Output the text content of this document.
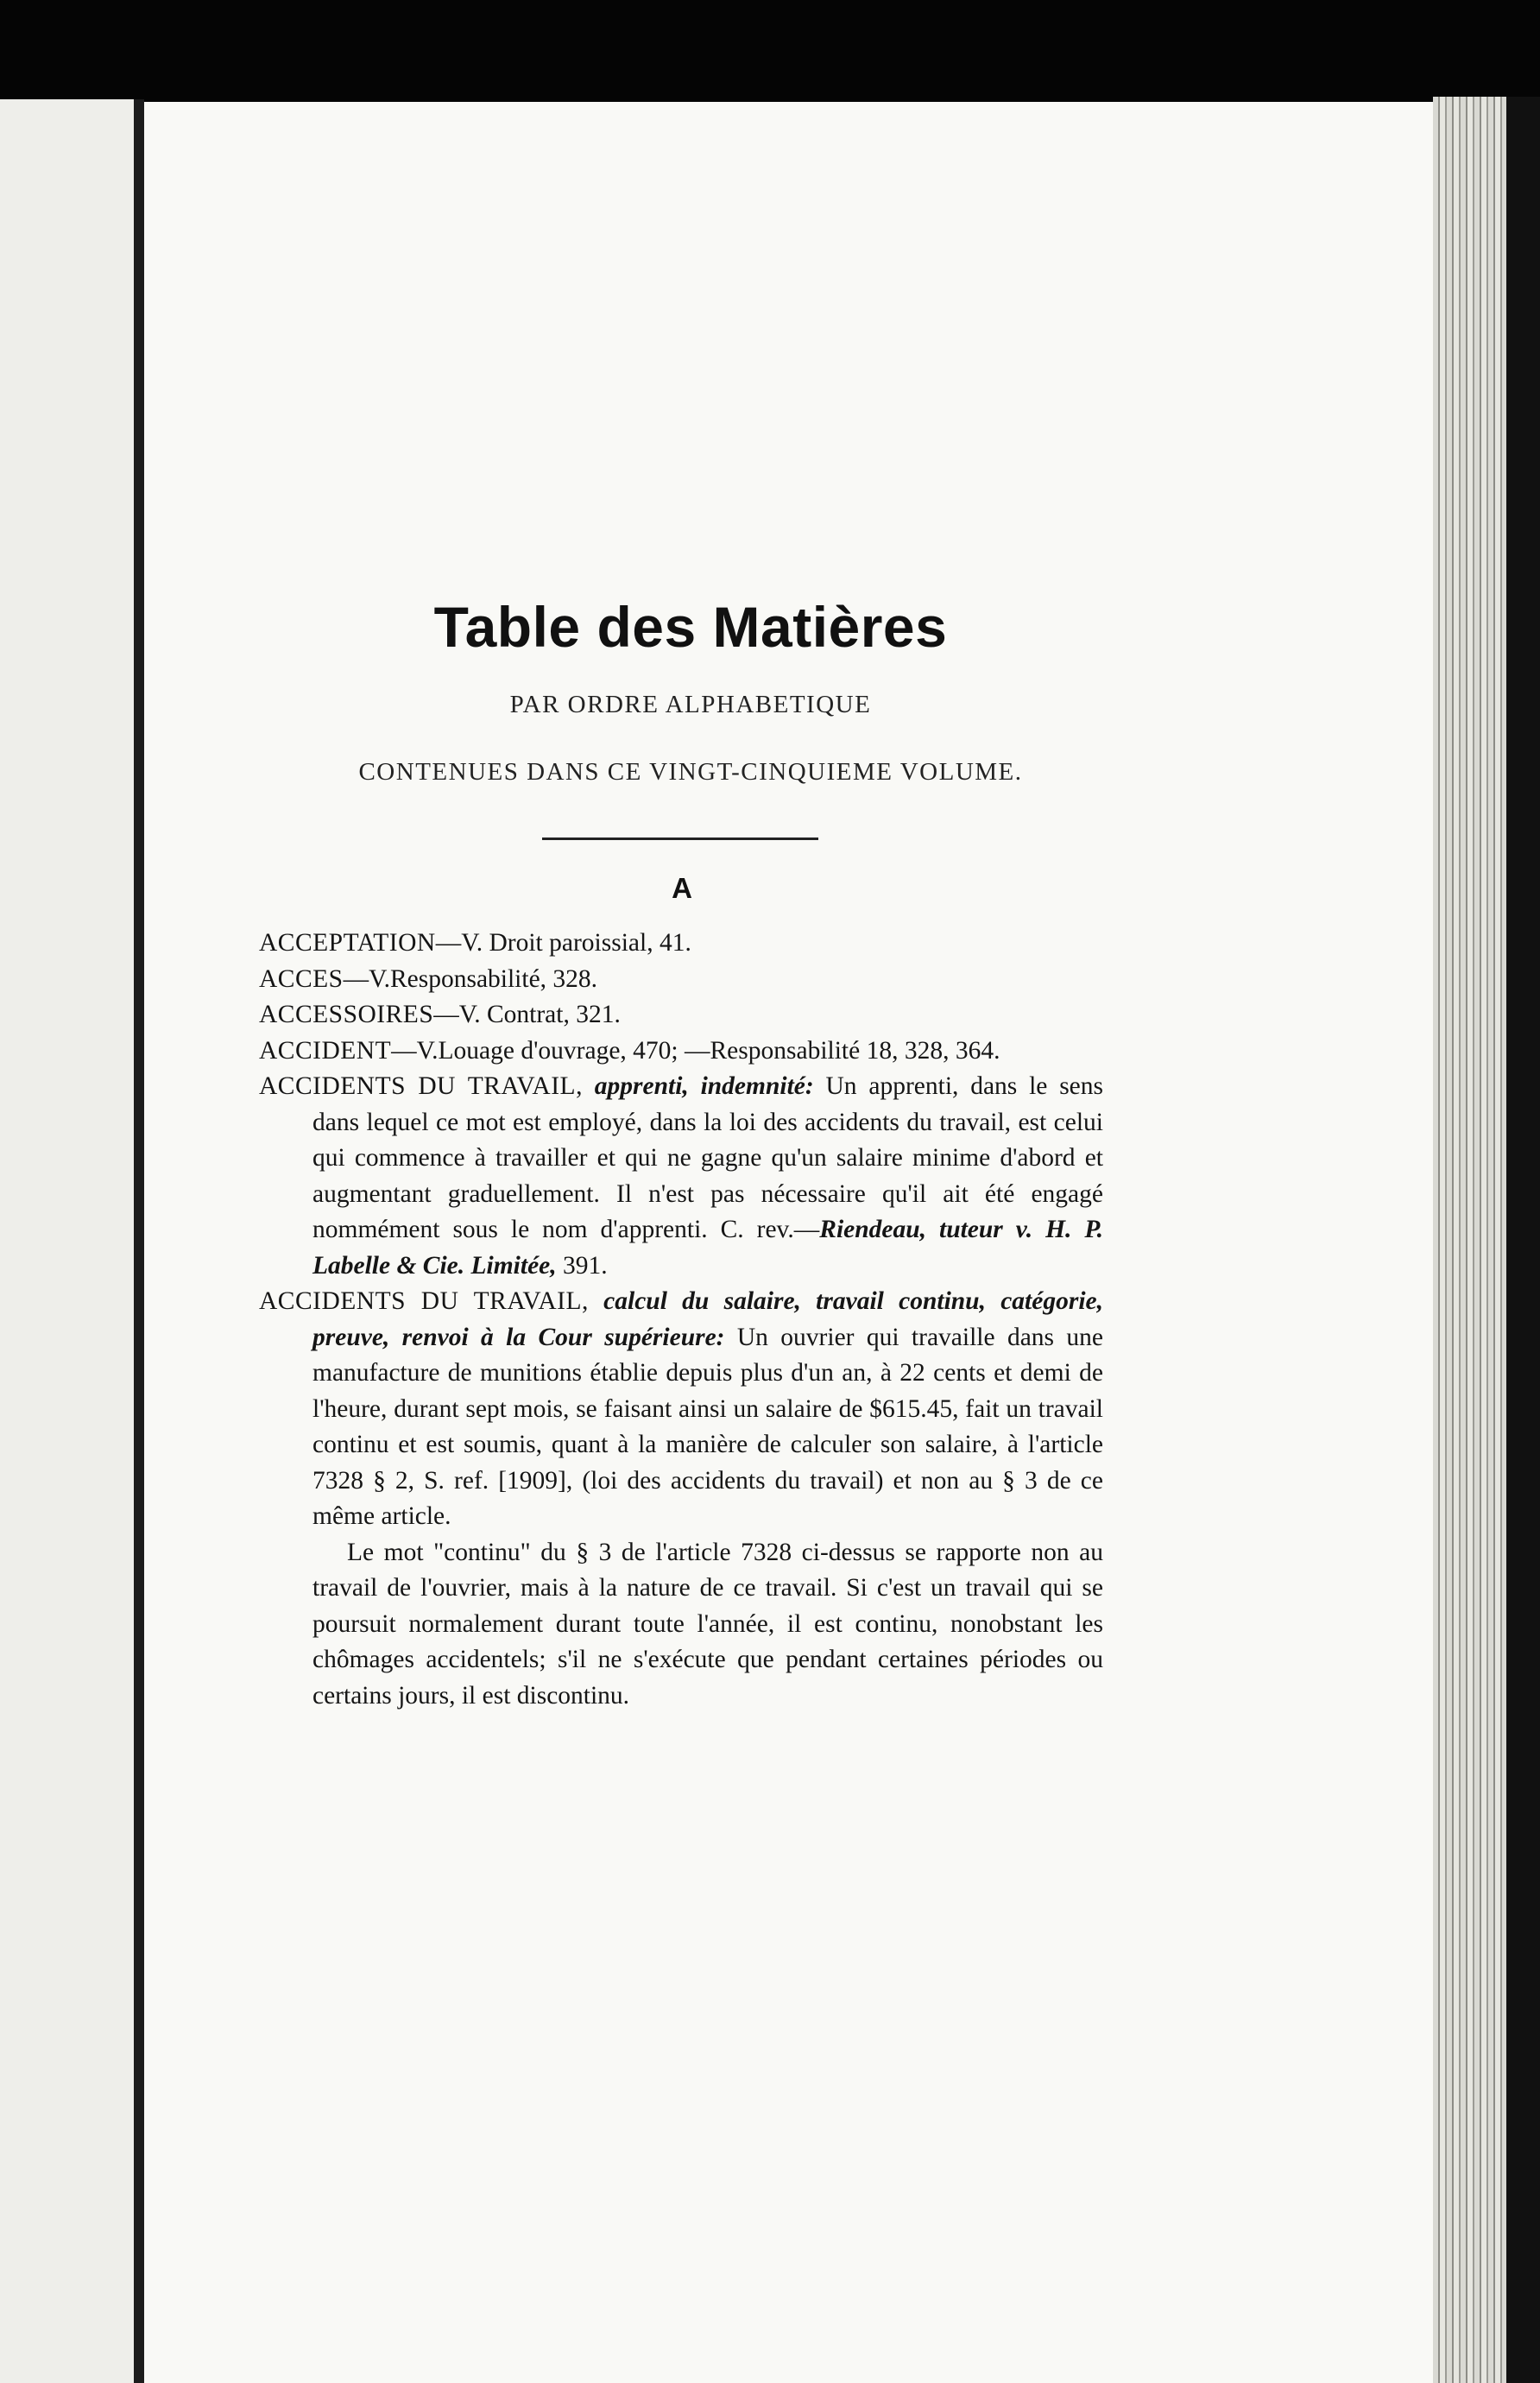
Table des Matières
PAR ORDRE ALPHABETIQUE
CONTENUES DANS CE VINGT-CINQUIEME VOLUME.
A
ACCEPTATION—V. Droit paroissial, 41.
ACCES—V.Responsabilité, 328.
ACCESSOIRES—V. Contrat, 321.
ACCIDENT—V.Louage d'ouvrage, 470; —Responsabilité 18, 328, 364.
ACCIDENTS DU TRAVAIL, apprenti, indemnité: Un apprenti, dans le sens dans lequel ce mot est employé, dans la loi des accidents du travail, est celui qui commence à travailler et qui ne gagne qu'un salaire minime d'abord et augmentant graduellement. Il n'est pas nécessaire qu'il ait été engagé nommément sous le nom d'apprenti. C. rev.—Riendeau, tuteur v. H. P. Labelle & Cie. Limitée, 391.
ACCIDENTS DU TRAVAIL, calcul du salaire, travail continu, catégorie, preuve, renvoi à la Cour supérieure: Un ouvrier qui travaille dans une manufacture de munitions établie depuis plus d'un an, à 22 cents et demi de l'heure, durant sept mois, se faisant ainsi un salaire de $615.45, fait un travail continu et est soumis, quant à la manière de calculer son salaire, à l'article 7328 § 2, S. ref. [1909], (loi des accidents du travail) et non au § 3 de ce même article.

Le mot "continu" du § 3 de l'article 7328 ci-dessus se rapporte non au travail de l'ouvrier, mais à la nature de ce travail. Si c'est un travail qui se poursuit normalement durant toute l'année, il est continu, nonobstant les chômages accidentels; s'il ne s'exécute que pendant certaines périodes ou certains jours, il est discontinu.
